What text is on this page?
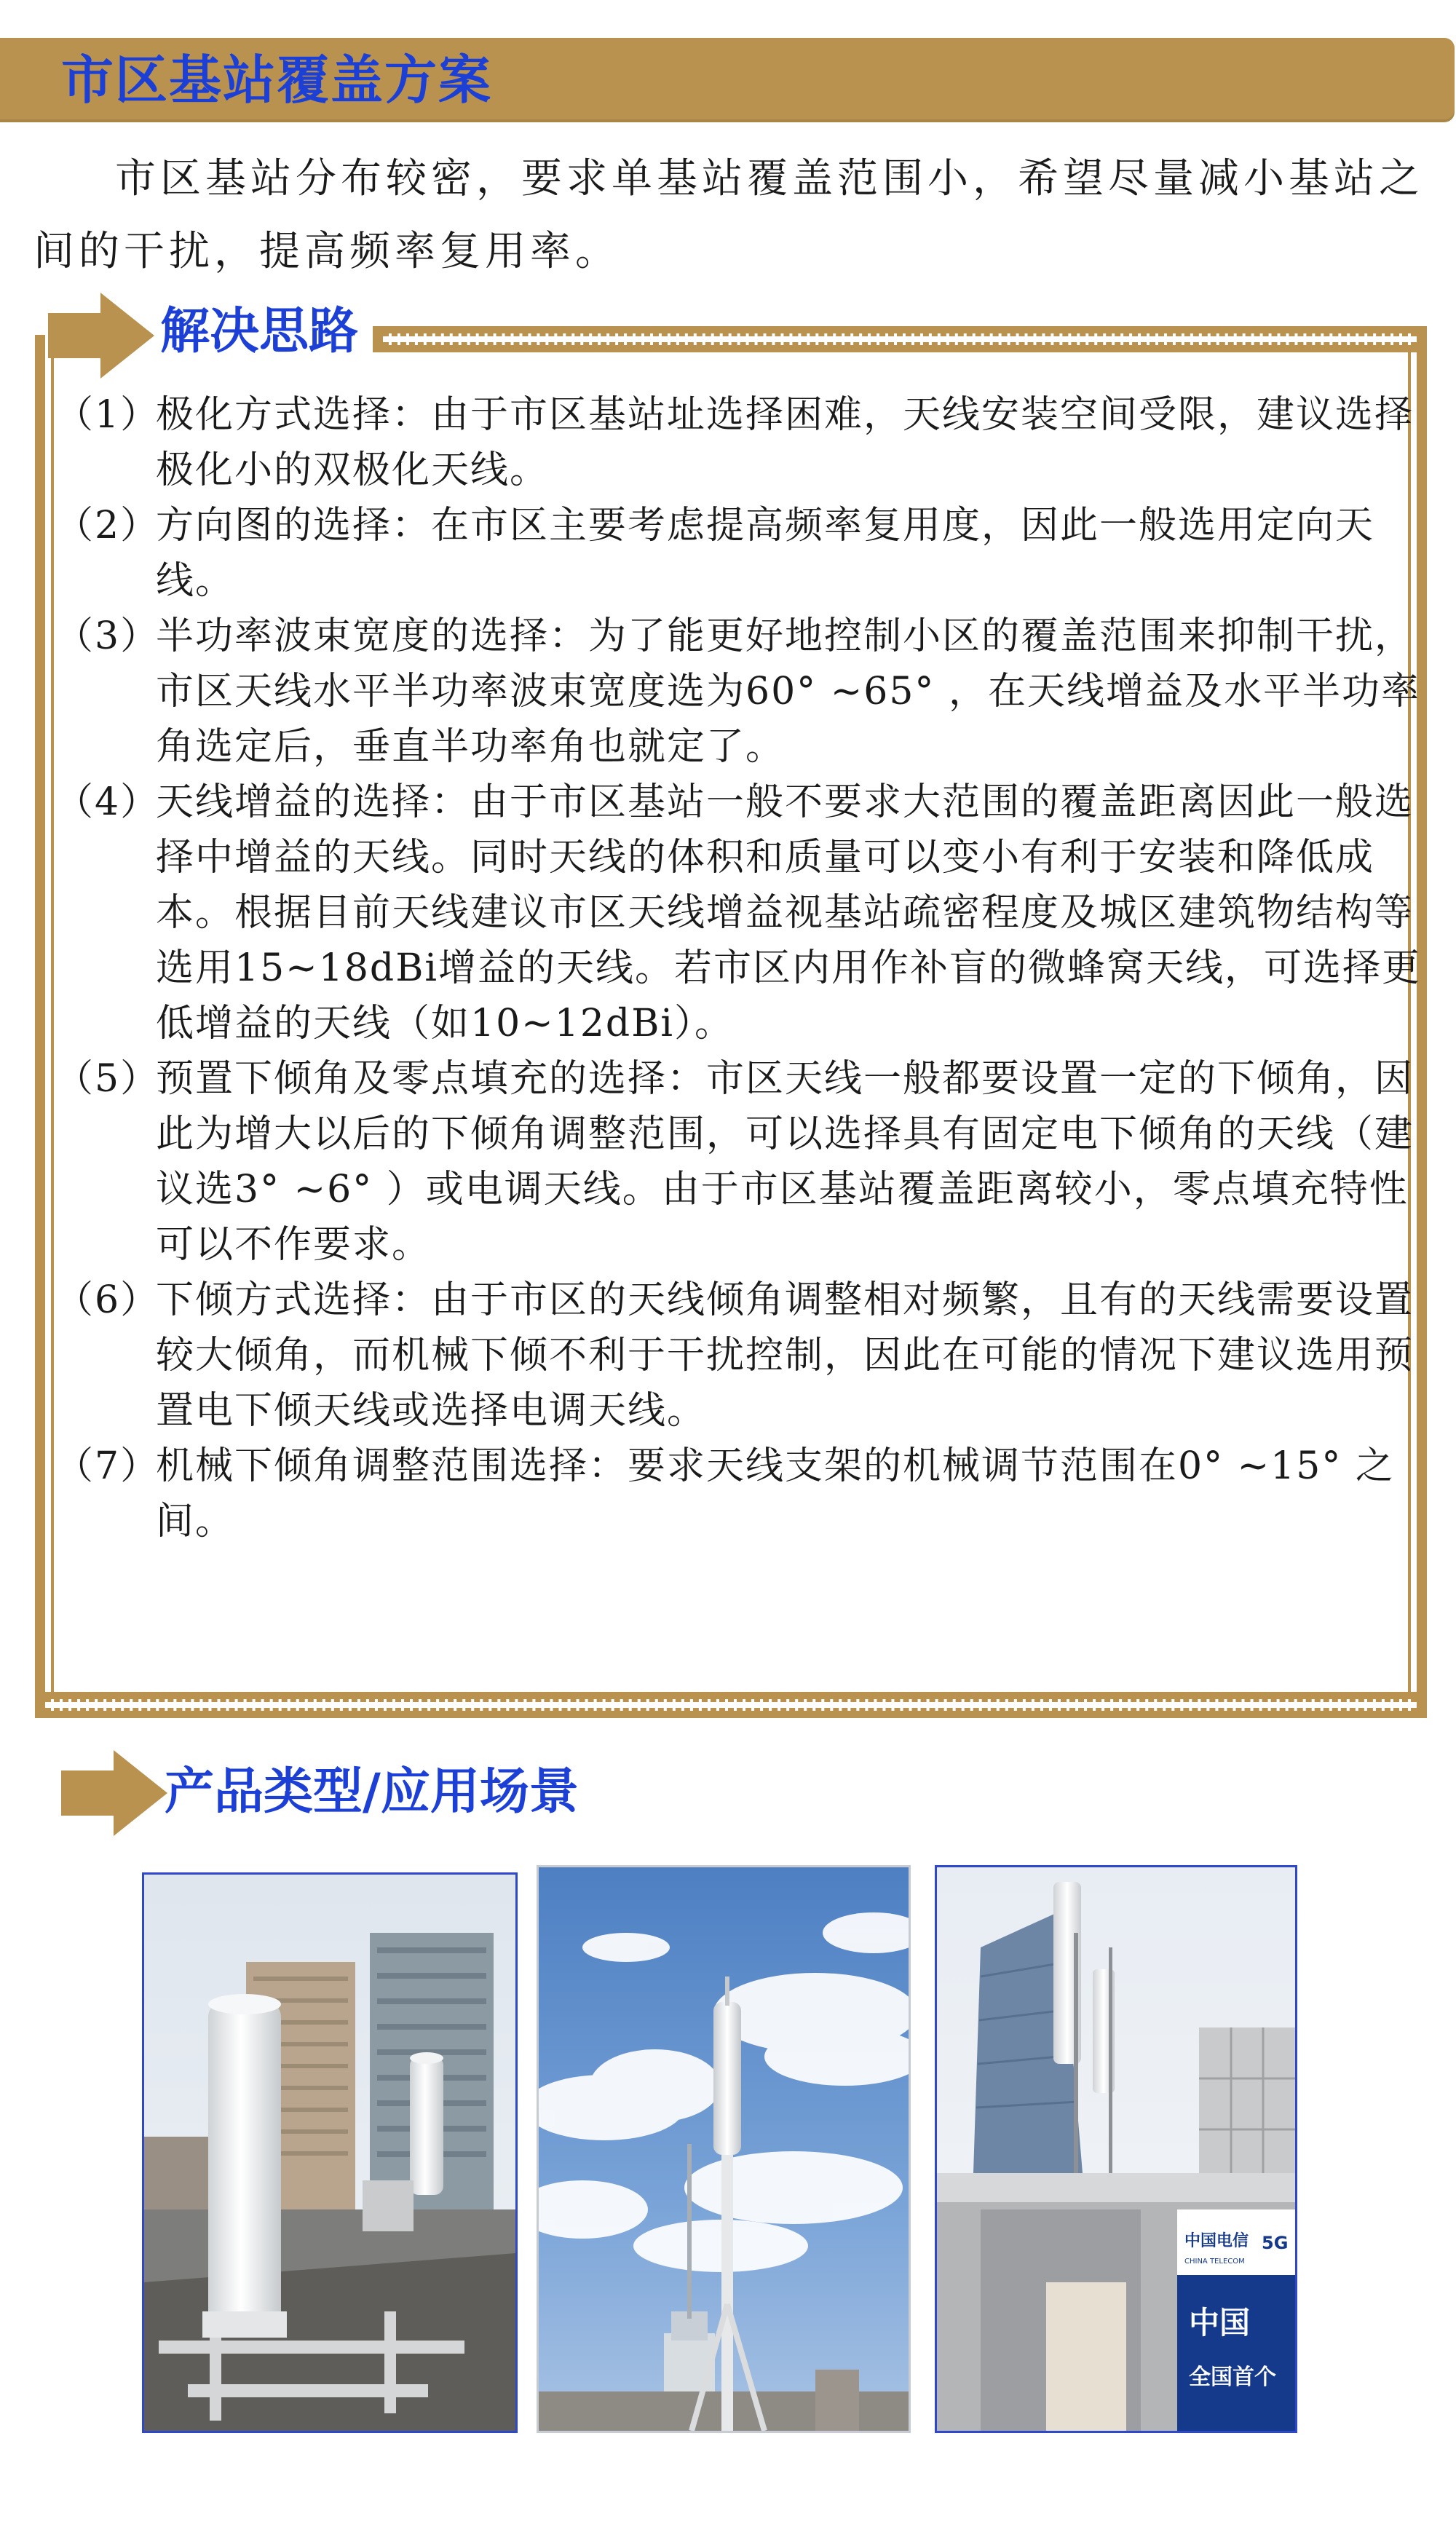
市区基站覆盖方案

市区基站分布较密，要求单基站覆盖范围小，希望尽量减小基站之间的干扰，提高频率复用率。

解决思路
（1）极化方式选择：由于市区基站址选择困难，天线安装空间受限，建议选择极化小的双极化天线。
（2）方向图的选择：在市区主要考虑提高频率复用度，因此一般选用定向天线。
（3）半功率波束宽度的选择：为了能更好地控制小区的覆盖范围来抑制干扰，市区天线水平半功率波束宽度选为60° ~65° ，在天线增益及水平半功率角选定后，垂直半功率角也就定了。
（4）天线增益的选择：由于市区基站一般不要求大范围的覆盖距离因此一般选择中增益的天线。同时天线的体积和质量可以变小有利于安装和降低成本。根据目前天线建议市区天线增益视基站疏密程度及城区建筑物结构等选用15~18dBi增益的天线。若市区内用作补盲的微蜂窝天线，可选择更低增益的天线（如10~12dBi）。
（5）预置下倾角及零点填充的选择：市区天线一般都要设置一定的下倾角，因此为增大以后的下倾角调整范围，可以选择具有固定电下倾角的天线（建议选3° ~6° ）或电调天线。由于市区基站覆盖距离较小，零点填充特性可以不作要求。
（6）下倾方式选择：由于市区的天线倾角调整相对频繁，且有的天线需要设置较大倾角，而机械下倾不利于干扰控制，因此在可能的情况下建议选用预置电下倾天线或选择电调天线。
（7）机械下倾角调整范围选择：要求天线支架的机械调节范围在0° ~15° 之间。
产品类型/应用场景
中国电信
CHINA TELECOM
5G
中国
全国首个
